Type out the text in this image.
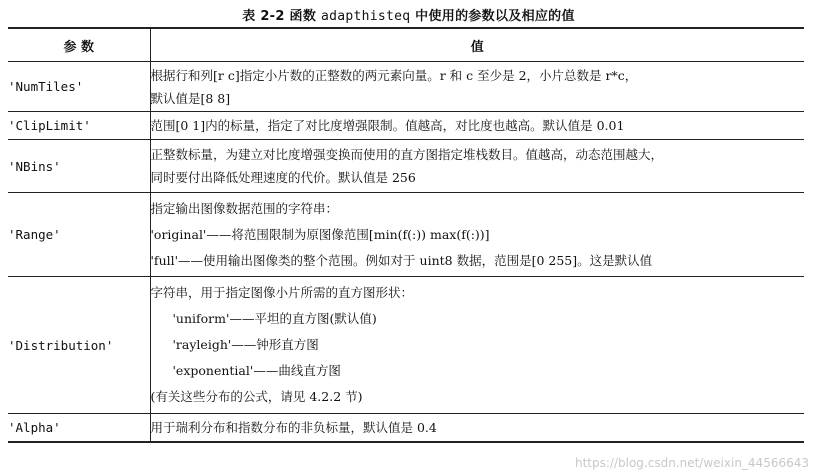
表 2-2 函数 adapthisteq 中使用的参数以及相应的值
参 数	值
'NumTiles'	根据行和列[r c]指定小片数的正整数的两元素向量。r 和 c 至少是 2，小片总数是 r*c，
默认值是[8 8]

'ClipLimit'	范围[0 1]内的标量，指定了对比度增强限制。值越高，对比度也越高。默认值是 0.01

'NBins'	正整数标量，为建立对比度增强变换而使用的直方图指定堆栈数目。值越高，动态范围越大，
同时要付出降低处理速度的代价。默认值是 256

'Range'	指定输出图像数据范围的字符串：
'original'——将范围限制为原图像范围[min(f(:)) max(f(:))]
'full'——使用输出图像类的整个范围。例如对于 uint8 数据，范围是[0 255]。这是默认值

'Distribution'	字符串，用于指定图像小片所需的直方图形状：
'uniform'——平坦的直方图(默认值)
'rayleigh'——钟形直方图
'exponential'——曲线直方图
(有关这些分布的公式，请见 4.2.2 节)

'Alpha'	用于瑞利分布和指数分布的非负标量，默认值是 0.4
https://blog.csdn.net/weixin_44566643
